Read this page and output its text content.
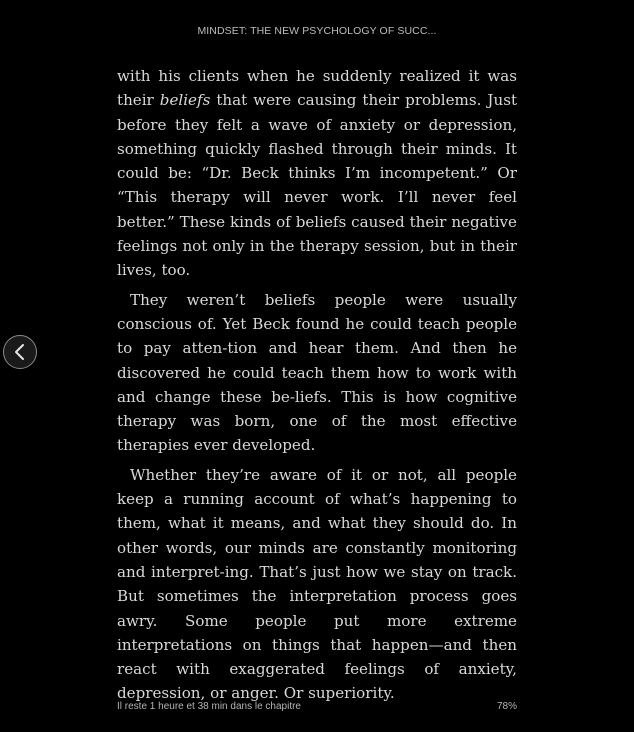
MINDSET: THE NEW PSYCHOLOGY OF SUCC...

with his clients when he suddenly realized it was their beliefs that were causing their problems. Just before they felt a wave of anxiety or depression, something quickly flashed through their minds. It could be: “Dr. Beck thinks I’m incompetent.” Or “This therapy will never work. I’ll never feel better.” These kinds of beliefs caused their negative feelings not only in the therapy session, but in their lives, too.

They weren’t beliefs people were usually conscious of. Yet Beck found he could teach people to pay atten-tion and hear them. And then he discovered he could teach them how to work with and change these be-liefs. This is how cognitive therapy was born, one of the most effective therapies ever developed.

Whether they’re aware of it or not, all people keep a running account of what’s happening to them, what it means, and what they should do. In other words, our minds are constantly monitoring and interpret-ing. That’s just how we stay on track. But sometimes the interpretation process goes awry. Some people put more extreme interpretations on things that happen—and then react with exaggerated feelings of anxiety, depression, or anger. Or superiority.

Il reste 1 heure et 38 min dans le chapitre	78%
